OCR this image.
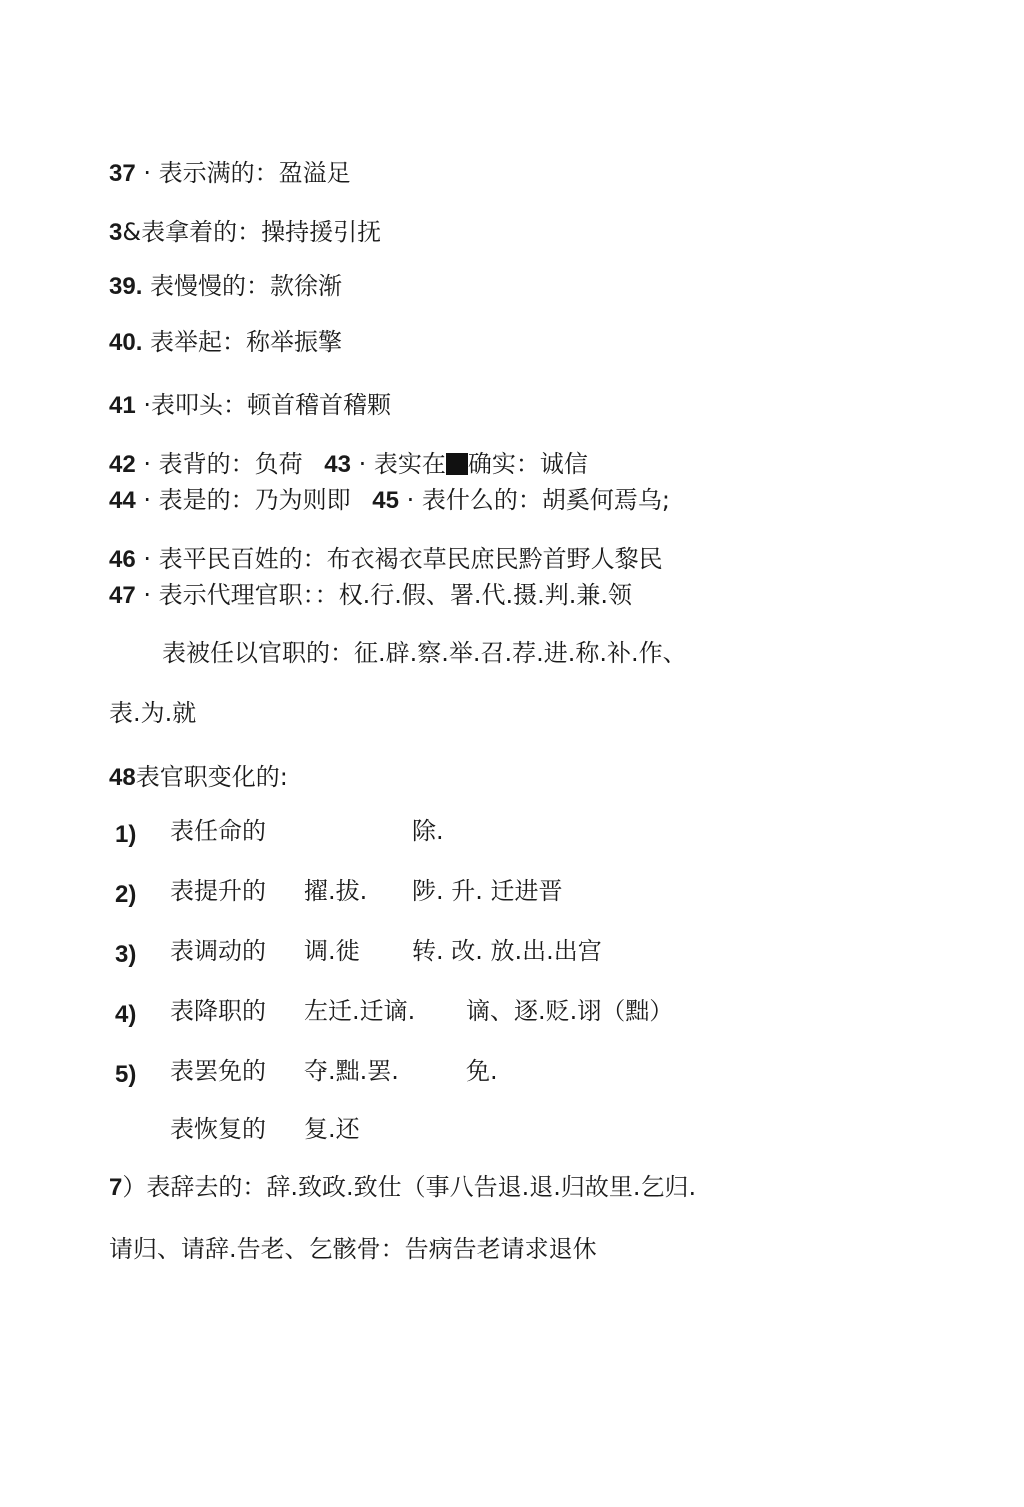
37 · 表示满的：盈溢足
3&表拿着的：操持援引抚
39. 表慢慢的：款徐渐
40. 表举起：称举振擎
41 ·表叩头：顿首稽首稽颗
42 · 表背的：负荷 43 · 表实在 确实：诚信
44 · 表是的：乃为则即 45 · 表什么的：胡奚何焉乌;
46 · 表平民百姓的：布衣褐衣草民庶民黔首野人黎民
47 · 表示代理官职：：权.行.假、署.代.摄.判.兼.领
表被任以官职的：征.辟.察.举.召.荐.进.称.补.作、
表.为.就
48表官职变化的:
1) 表任命的	除.
2) 表提升的 擢.拔. 陟. 升. 迁进晋
3) 表调动的 调.徙 转. 改. 放.出.出宫
4) 表降职的 左迁.迁谪. 谪、逐.贬.诩（黜）
5) 表罢免的 夺.黜.罢.	免.
表恢复的 复.还
7）表辞去的：辞.致政.致仕（事八告退.退.归故里.乞归.
请归、请辞.告老、乞骸骨：告病告老请求退休
